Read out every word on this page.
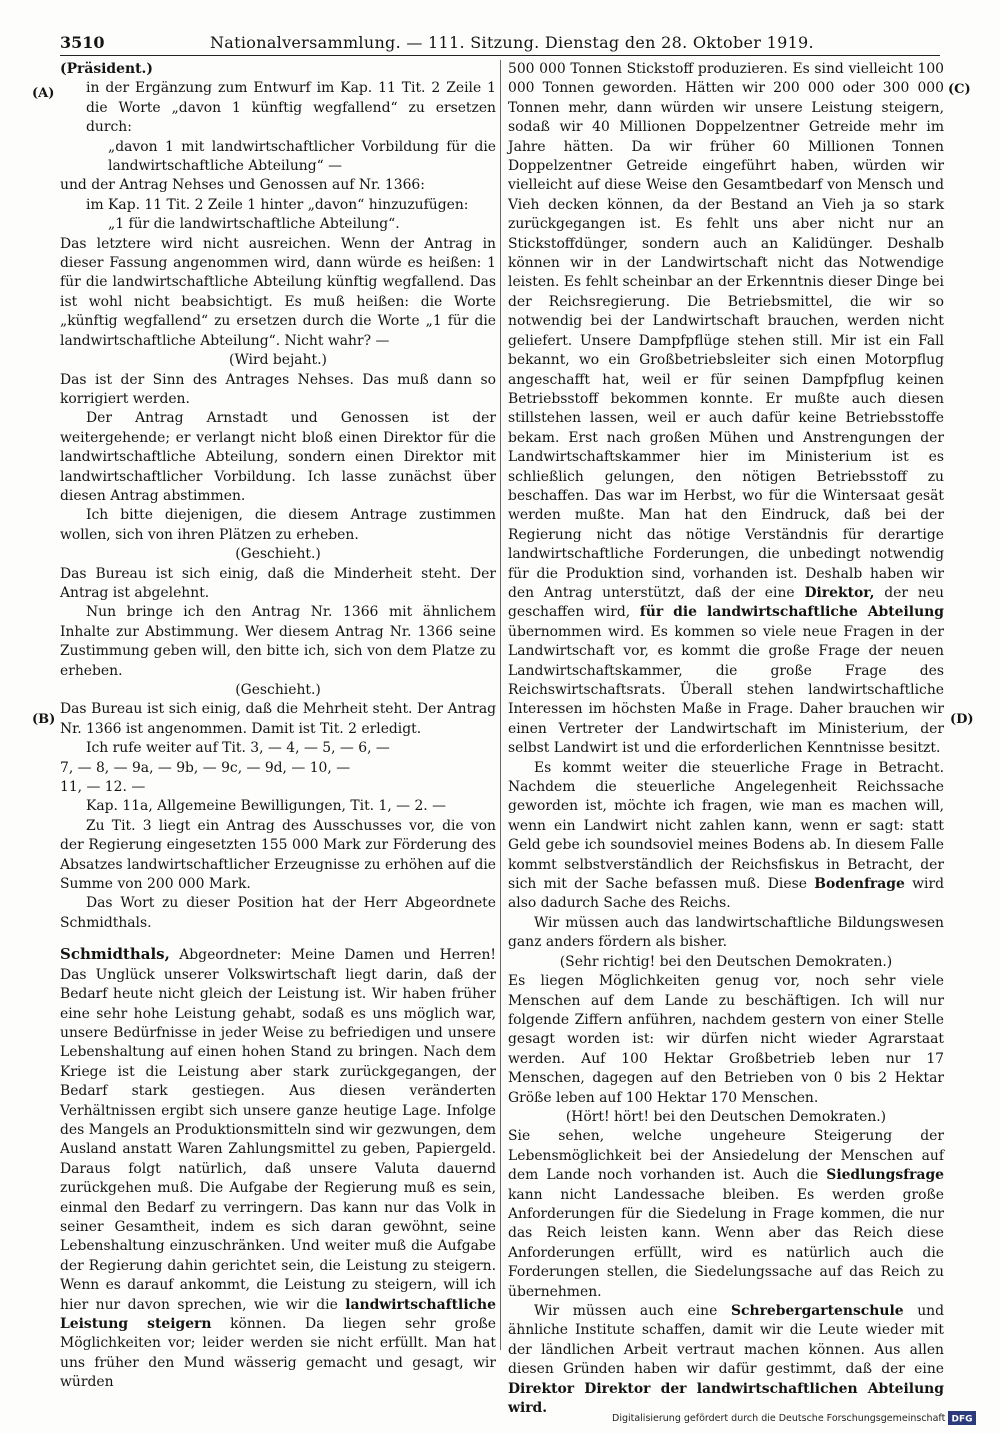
3510	Nationalversammlung. — 111. Sitzung. Dienstag den 28. Oktober 1919.
(A)
(B)
(C)
(D)

(Präsident.)

in der Ergänzung zum Entwurf im Kap. 11 Tit. 2 Zeile 1 die Worte „davon 1 künftig wegfallend“ zu ersetzen durch:

„davon 1 mit landwirtschaftlicher Vorbildung für die landwirtschaftliche Abteilung“ —

und der Antrag Nehses und Genossen auf Nr. 1366:

im Kap. 11 Tit. 2 Zeile 1 hinter „davon“ hinzuzufügen:

„1 für die landwirtschaftliche Abteilung“.

Das letztere wird nicht ausreichen. Wenn der Antrag in dieser Fassung angenommen wird, dann würde es heißen: 1 für die landwirtschaftliche Abteilung künftig wegfallend. Das ist wohl nicht beabsichtigt. Es muß heißen: die Worte „künftig wegfallend“ zu ersetzen durch die Worte „1 für die landwirtschaftliche Abteilung“. Nicht wahr? —

(Wird bejaht.)

Das ist der Sinn des Antrages Nehses. Das muß dann so korrigiert werden.

Der Antrag Arnstadt und Genossen ist der weitergehende; er verlangt nicht bloß einen Direktor für die landwirtschaftliche Abteilung, sondern einen Direktor mit landwirtschaftlicher Vorbildung. Ich lasse zunächst über diesen Antrag abstimmen.

Ich bitte diejenigen, die diesem Antrage zustimmen wollen, sich von ihren Plätzen zu erheben.

(Geschieht.)

Das Bureau ist sich einig, daß die Minderheit steht. Der Antrag ist abgelehnt.

Nun bringe ich den Antrag Nr. 1366 mit ähnlichem Inhalte zur Abstimmung. Wer diesem Antrag Nr. 1366 seine Zustimmung geben will, den bitte ich, sich von dem Platze zu erheben.

(Geschieht.)

Das Bureau ist sich einig, daß die Mehrheit steht. Der Antrag Nr. 1366 ist angenommen. Damit ist Tit. 2 erledigt.

Ich rufe weiter auf Tit. 3, — 4, — 5, — 6, —
7, — 8, — 9a, — 9b, — 9c, — 9d, — 10, —
11, — 12. —

Kap. 11a, Allgemeine Bewilligungen, Tit. 1, — 2. —

Zu Tit. 3 liegt ein Antrag des Ausschusses vor, die von der Regierung eingesetzten 155 000 Mark zur Förderung des Absatzes landwirtschaftlicher Erzeugnisse zu erhöhen auf die Summe von 200 000 Mark.

Das Wort zu dieser Position hat der Herr Abgeordnete Schmidthals.

Schmidthals, Abgeordneter: Meine Damen und Herren! Das Unglück unserer Volkswirtschaft liegt darin, daß der Bedarf heute nicht gleich der Leistung ist. Wir haben früher eine sehr hohe Leistung gehabt, sodaß es uns möglich war, unsere Bedürfnisse in jeder Weise zu befriedigen und unsere Lebenshaltung auf einen hohen Stand zu bringen. Nach dem Kriege ist die Leistung aber stark zurückgegangen, der Bedarf stark gestiegen. Aus diesen veränderten Verhältnissen ergibt sich unsere ganze heutige Lage. Infolge des Mangels an Produktionsmitteln sind wir gezwungen, dem Ausland anstatt Waren Zahlungsmittel zu geben, Papiergeld. Daraus folgt natürlich, daß unsere Valuta dauernd zurückgehen muß. Die Aufgabe der Regierung muß es sein, einmal den Bedarf zu verringern. Das kann nur das Volk in seiner Gesamtheit, indem es sich daran gewöhnt, seine Lebenshaltung einzuschränken. Und weiter muß die Aufgabe der Regierung dahin gerichtet sein, die Leistung zu steigern. Wenn es darauf ankommt, die Leistung zu steigern, will ich hier nur davon sprechen, wie wir die landwirtschaftliche Leistung steigern können. Da liegen sehr große Möglichkeiten vor; leider werden sie nicht erfüllt. Man hat uns früher den Mund wässerig gemacht und gesagt, wir würden

500 000 Tonnen Stickstoff produzieren. Es sind vielleicht 100 000 Tonnen geworden. Hätten wir 200 000 oder 300 000 Tonnen mehr, dann würden wir unsere Leistung steigern, sodaß wir 40 Millionen Doppelzentner Getreide mehr im Jahre hätten. Da wir früher 60 Millionen Tonnen Doppelzentner Getreide eingeführt haben, würden wir vielleicht auf diese Weise den Gesamtbedarf von Mensch und Vieh decken können, da der Bestand an Vieh ja so stark zurückgegangen ist. Es fehlt uns aber nicht nur an Stickstoffdünger, sondern auch an Kalidünger. Deshalb können wir in der Landwirtschaft nicht das Notwendige leisten. Es fehlt scheinbar an der Erkenntnis dieser Dinge bei der Reichsregierung. Die Betriebsmittel, die wir so notwendig bei der Landwirtschaft brauchen, werden nicht geliefert. Unsere Dampfpflüge stehen still. Mir ist ein Fall bekannt, wo ein Großbetriebsleiter sich einen Motorpflug angeschafft hat, weil er für seinen Dampfpflug keinen Betriebsstoff bekommen konnte. Er mußte auch diesen stillstehen lassen, weil er auch dafür keine Betriebsstoffe bekam. Erst nach großen Mühen und Anstrengungen der Landwirtschaftskammer hier im Ministerium ist es schließlich gelungen, den nötigen Betriebsstoff zu beschaffen. Das war im Herbst, wo für die Wintersaat gesät werden mußte. Man hat den Eindruck, daß bei der Regierung nicht das nötige Verständnis für derartige landwirtschaftliche Forderungen, die unbedingt notwendig für die Produktion sind, vorhanden ist. Deshalb haben wir den Antrag unterstützt, daß der eine Direktor, der neu geschaffen wird, für die landwirtschaftliche Abteilung übernommen wird. Es kommen so viele neue Fragen in der Landwirtschaft vor, es kommt die große Frage der neuen Landwirtschaftskammer, die große Frage des Reichswirtschaftsrats. Überall stehen landwirtschaftliche Interessen im höchsten Maße in Frage. Daher brauchen wir einen Vertreter der Landwirtschaft im Ministerium, der selbst Landwirt ist und die erforderlichen Kenntnisse besitzt.

Es kommt weiter die steuerliche Frage in Betracht. Nachdem die steuerliche Angelegenheit Reichssache geworden ist, möchte ich fragen, wie man es machen will, wenn ein Landwirt nicht zahlen kann, wenn er sagt: statt Geld gebe ich soundsoviel meines Bodens ab. In diesem Falle kommt selbstverständlich der Reichsfiskus in Betracht, der sich mit der Sache befassen muß. Diese Bodenfrage wird also dadurch Sache des Reichs.

Wir müssen auch das landwirtschaftliche Bildungswesen ganz anders fördern als bisher.

(Sehr richtig! bei den Deutschen Demokraten.)

Es liegen Möglichkeiten genug vor, noch sehr viele Menschen auf dem Lande zu beschäftigen. Ich will nur folgende Ziffern anführen, nachdem gestern von einer Stelle gesagt worden ist: wir dürfen nicht wieder Agrarstaat werden. Auf 100 Hektar Großbetrieb leben nur 17 Menschen, dagegen auf den Betrieben von 0 bis 2 Hektar Größe leben auf 100 Hektar 170 Menschen.

(Hört! hört! bei den Deutschen Demokraten.)

Sie sehen, welche ungeheure Steigerung der Lebensmöglichkeit bei der Ansiedelung der Menschen auf dem Lande noch vorhanden ist. Auch die Siedlungsfrage kann nicht Landessache bleiben. Es werden große Anforderungen für die Siedelung in Frage kommen, die nur das Reich leisten kann. Wenn aber das Reich diese Anforderungen erfüllt, wird es natürlich auch die Forderungen stellen, die Siedelungssache auf das Reich zu übernehmen.

Wir müssen auch eine Schrebergartenschule und ähnliche Institute schaffen, damit wir die Leute wieder mit der ländlichen Arbeit vertraut machen können. Aus allen diesen Gründen haben wir dafür gestimmt, daß der eine Direktor Direktor der landwirtschaftlichen Abteilung wird.

Digitalisierung gefördert durch die Deutsche Forschungsgemeinschaft DFG
